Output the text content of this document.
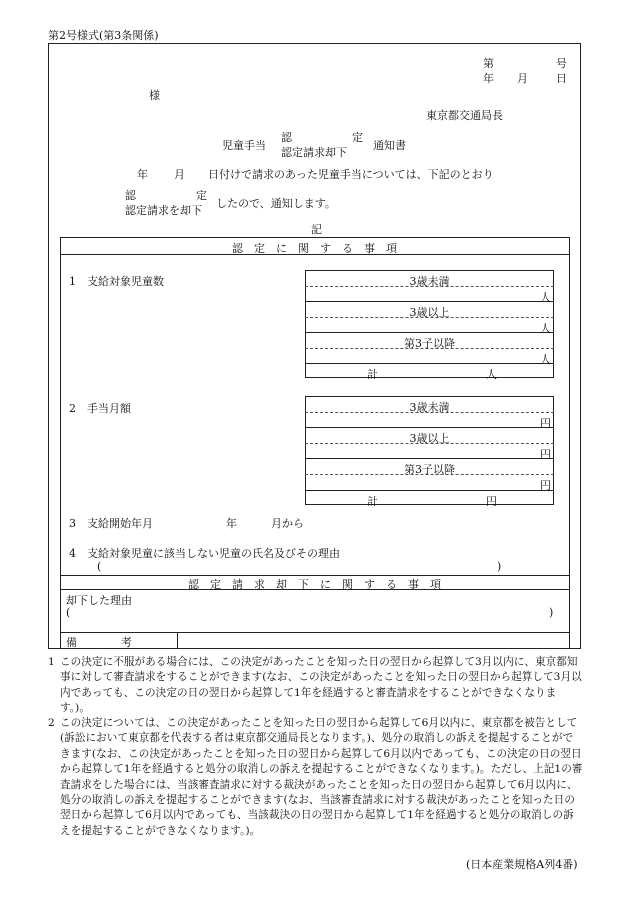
第2号様式(第3条関係)
第	号
年 月	日
様
東京都交通局長
児童手当
認	定
認定請求却下
通知書
年 月 日付けで請求のあった児童手当については、下記のとおり
認	定
認定請求を却下
したので、通知します。
記
認　定　に　関　す　る　事　項
1　支給対象児童数	3歳未満
人
3歳以上
人
第3子以降
人
計	人
2　手当月額	3歳未満
円
3歳以上
円
第3子以降
円
計	円
3　支給開始年月	年	月から
4　支給対象児童に該当しない児童の氏名及びその理由
(	)
認　定　請　求　却　下　に　関　す　る　事　項
却下した理由
(	)
備　　　　考
1 この決定に不服がある場合には、この決定があったことを知った日の翌日から起算して3月以内に、東京都知事に対して審査請求をすることができます(なお、この決定があったことを知った日の翌日から起算して3月以内であっても、この決定の日の翌日から起算して1年を経過すると審査請求をすることができなくなります。)。
2 この決定については、この決定があったことを知った日の翌日から起算して6月以内に、東京都を被告として(訴訟において東京都を代表する者は東京都交通局長となります。)、処分の取消しの訴えを提起することができます(なお、この決定があったことを知った日の翌日から起算して6月以内であっても、この決定の日の翌日から起算して1年を経過すると処分の取消しの訴えを提起することができなくなります。)。ただし、上記1の審査請求をした場合には、当該審査請求に対する裁決があったことを知った日の翌日から起算して6月以内に、処分の取消しの訴えを提起することができます(なお、当該審査請求に対する裁決があったことを知った日の翌日から起算して6月以内であっても、当該裁決の日の翌日から起算して1年を経過すると処分の取消しの訴えを提起することができなくなります。)。
(日本産業規格A列4番)
